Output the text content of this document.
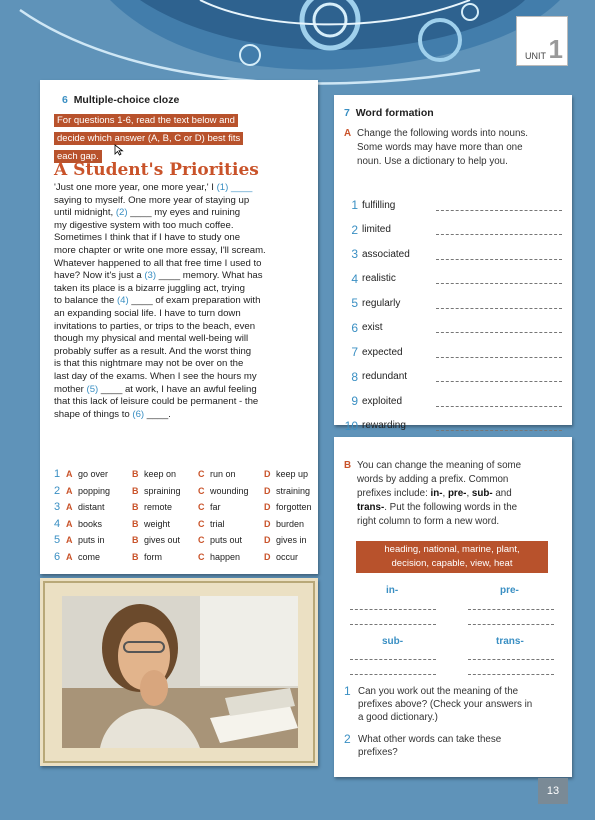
UNIT 1
6 Multiple-choice cloze
For questions 1-6, read the text below and
decide which answer (A, B, C or D) best fits
each gap.
A Student's Priorities
'Just one more year, one more year,' I (1) ____
saying to myself. One more year of staying up
until midnight, (2) ____ my eyes and ruining
my digestive system with too much coffee.
Sometimes I think that if I have to study one
more chapter or write one more essay, I'll scream.
Whatever happened to all that free time I used to
have? Now it's just a (3) ____ memory. What has
taken its place is a bizarre juggling act, trying
to balance the (4) ____ of exam preparation with
an expanding social life. I have to turn down
invitations to parties, or trips to the beach, even
though my physical and mental well-being will
probably suffer as a result. And the worst thing
is that this nightmare may not be over on the
last day of the exams. When I see the hours my
mother (5) ____ at work, I have an awful feeling
that this lack of leisure could be permanent - the
shape of things to (6) ____.
1 A go over	B keep on C run on	D keep up
2 A popping B spraining C wounding D straining
3 A distant	B remote	C far	D forgotten
4 A books	B weight	C trial	D burden
5 A puts in	B gives out C puts out D gives in
6 A come	B form	C happen	D occur
7 Word formation
A Change the following words into nouns.
Some words may have more than one
noun. Use a dictionary to help you.
1 fulfilling
2 limited
3 associated
4 realistic
5 regularly
6 exist
7 expected
8 redundant
9 exploited
10 rewarding
B You can change the meaning of some
words by adding a prefix. Common
prefixes include: in-, pre-, sub- and
trans-. Put the following words in the
right column to form a new word.
heading, national, marine, plant,
decision, capable, view, heat
in-	pre-
sub-	trans-
1 Can you work out the meaning of the
prefixes above? (Check your answers in
a good dictionary.)
2 What other words can take these
prefixes?
13
